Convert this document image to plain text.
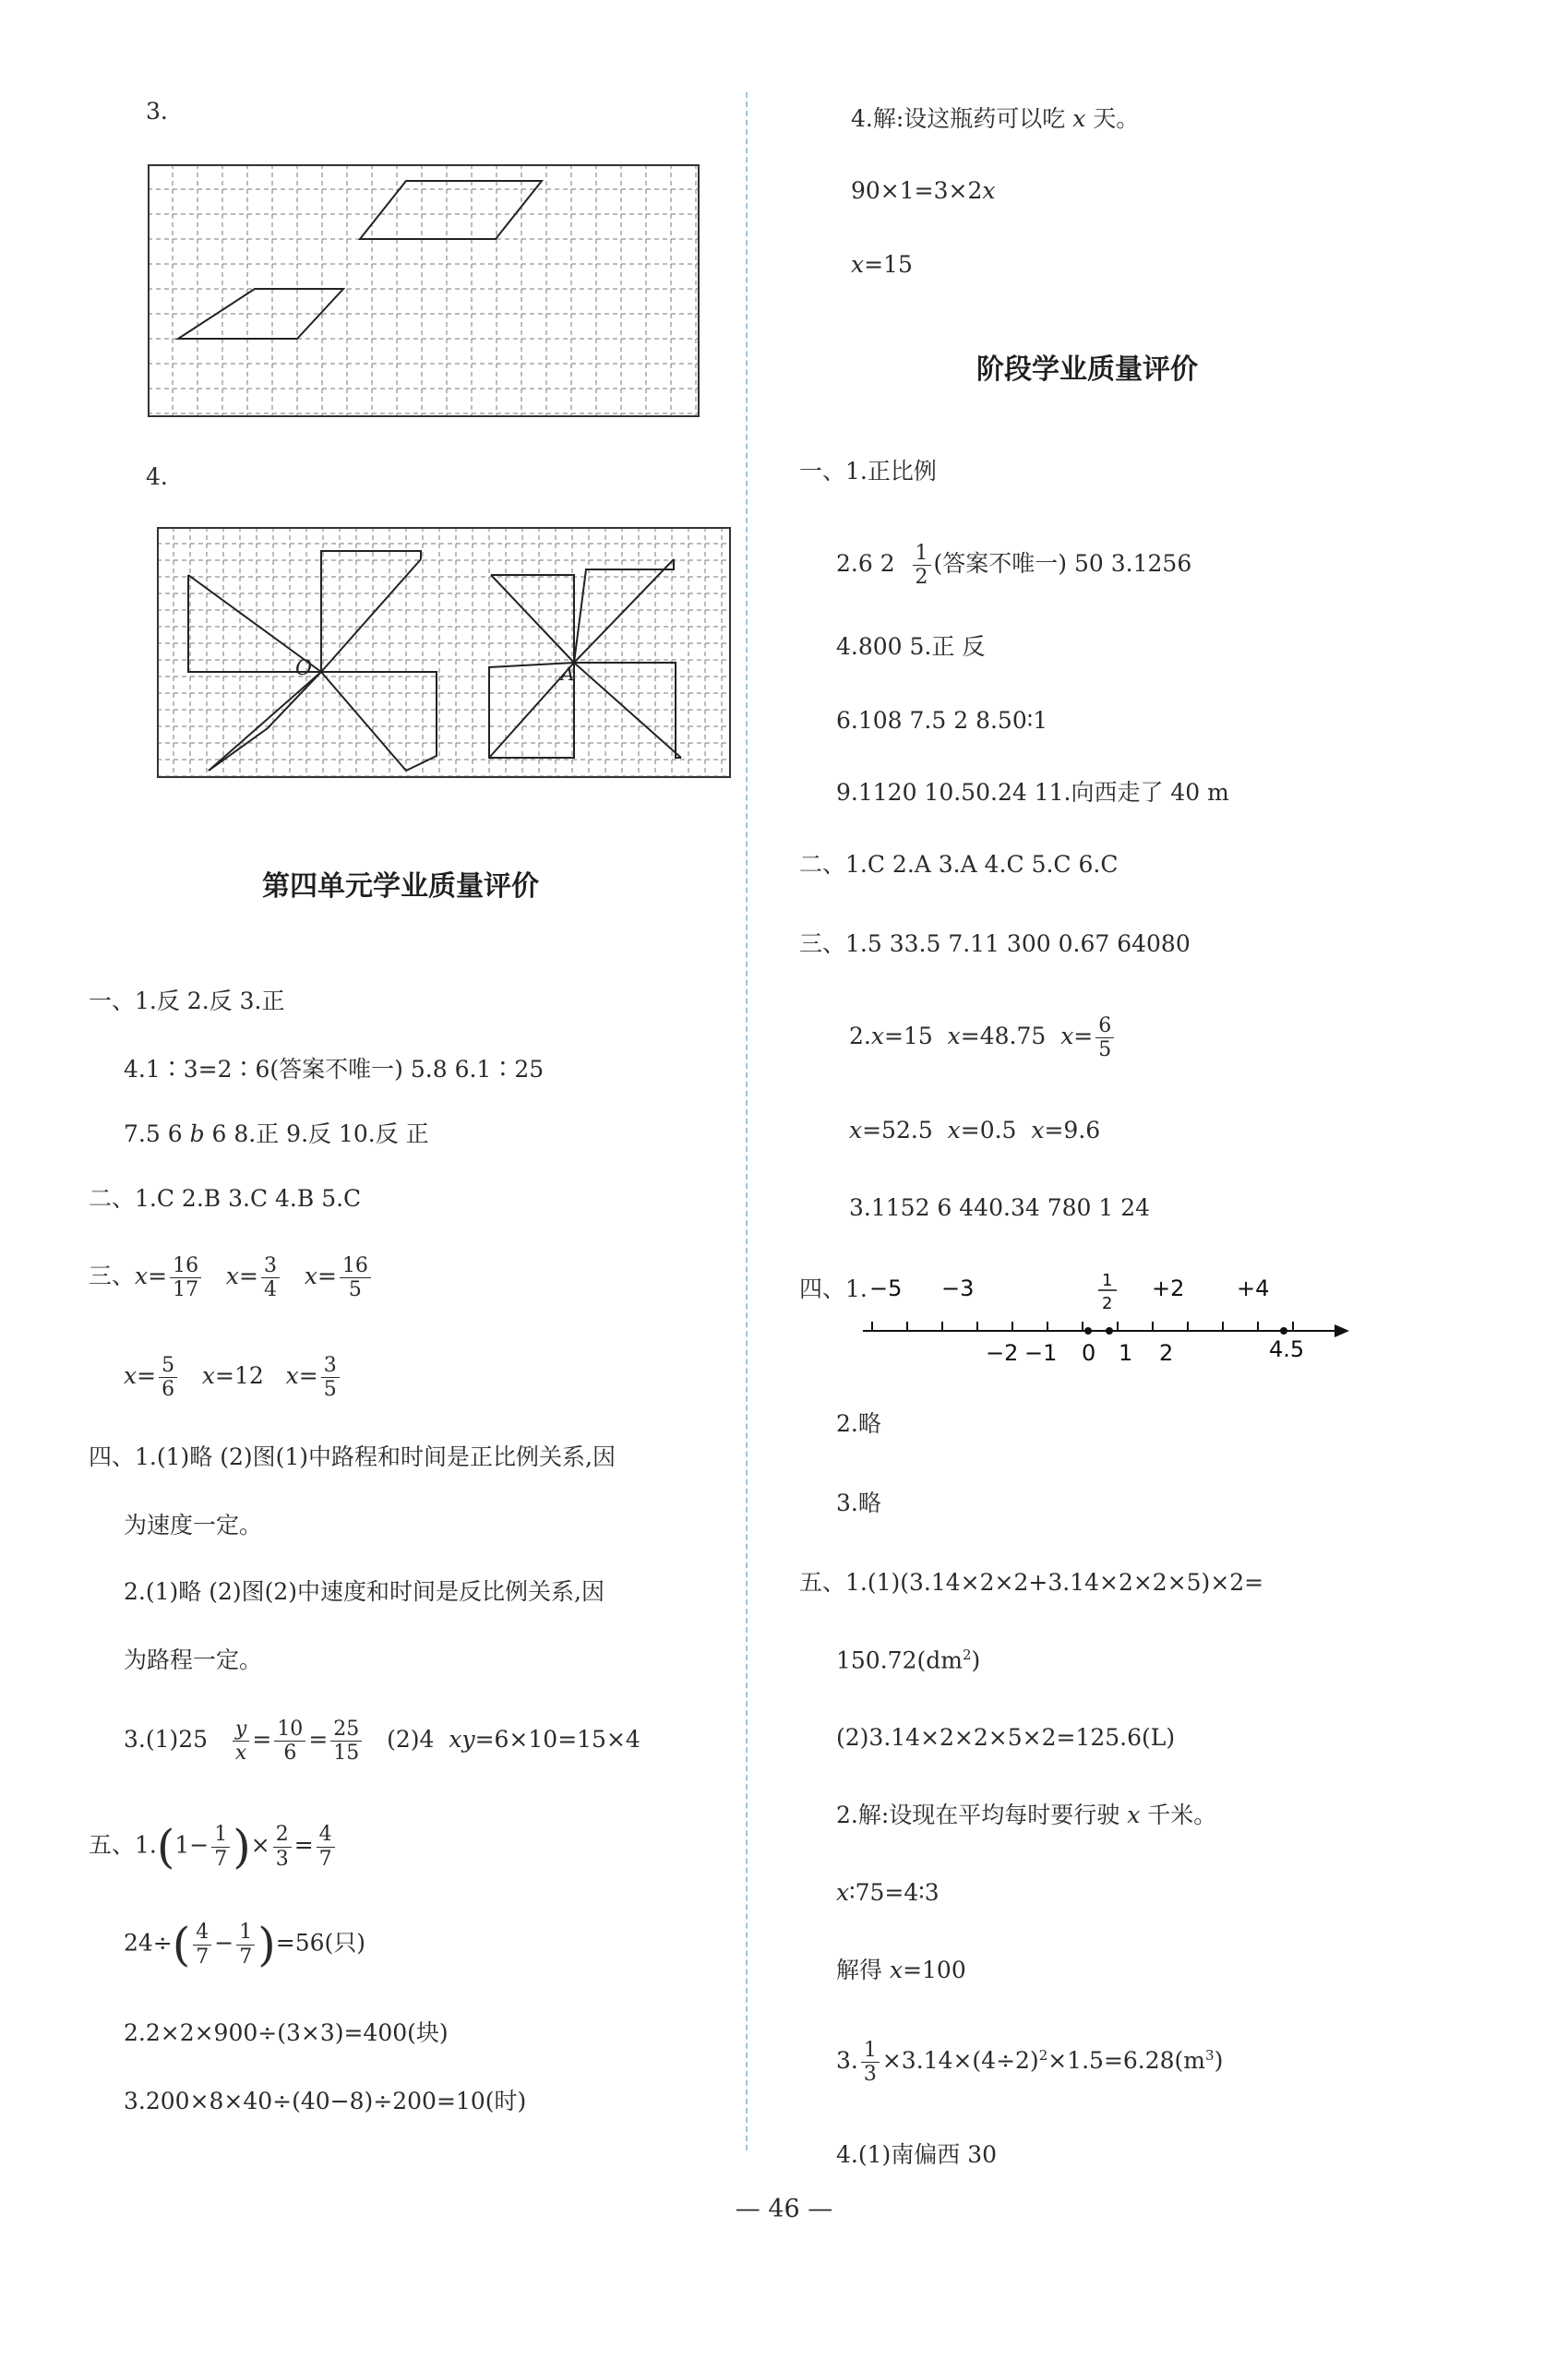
3.
4.
O	A
第四单元学业质量评价
一、1.反 2.反 3.正
4.1∶3=2∶6(答案不唯一) 5.8 6.1∶25
7.5 6 b 6 8.正 9.反 10.反 正
二、1.C 2.B 3.C 4.B 5.C
三、$x= \frac{16}{17} x= \frac{3}{4} x= \frac{16}{5}$
$x= \frac{5}{6} x=12$ $x= \frac{3}{5}$
四、1.(1)略 (2)图(1)中路程和时间是正比例关系,因
为速度一定。
2.(1)略 (2)图(2)中速度和时间是反比例关系,因
为路程一定。
$3.(1)25 \frac{y}{x} = \frac{10}{6} = \frac{25}{15} (2)4$ xy=6×10=15×4
五、$1.(1- \frac{1}{7}$ )× $\frac{2}{3} = \frac{4}{7}$
$24\div( \frac{4}{7} - \frac{1}{7} )=56$(只)
2.2×2×900÷(3×3)=400(块)
3.200×8×40÷(40−8)÷200=10(时)
4.解:设这瓶药可以吃 x 天。
90×1=3×2x
x=15
阶段学业质量评价
一、1.正比例
2.6 $2 \frac{1}{2}$ (答案不唯一) 50 3.1256
4.800 5.正 反
6.108 7.5 2 8.50∶1
9.1120 10.50.24 11.向西走了 40 m
二、1.C 2.A 3.A 4.C 5.C 6.C
三、1.5 33.5 7.11 300 0.67 64080
2.x=15 x=48.75 $x= \frac{6}{5}$
x=52.5 x=0.5 x=9.6
3.1152 6 440.34 780 1 24
四、1. −5 −3	+2 +4
1
2
−2 −1 0 1 2	4.5
2.略
3.略
五、1.(1)(3.14×2×2+3.14×2×2×5)×2=
$150.72(dm^2)$
(2)3.14×2×2×5×2=125.6(L)
2.解:设现在平均每时要行驶 x 千米。
x∶75=4∶3
解得 x=100
3. $\frac{1}{3} \times 3.14\times(4\div 2)^2\times 1.5=6.28(m^3)$
4.(1)南偏西 30
— 46 —
